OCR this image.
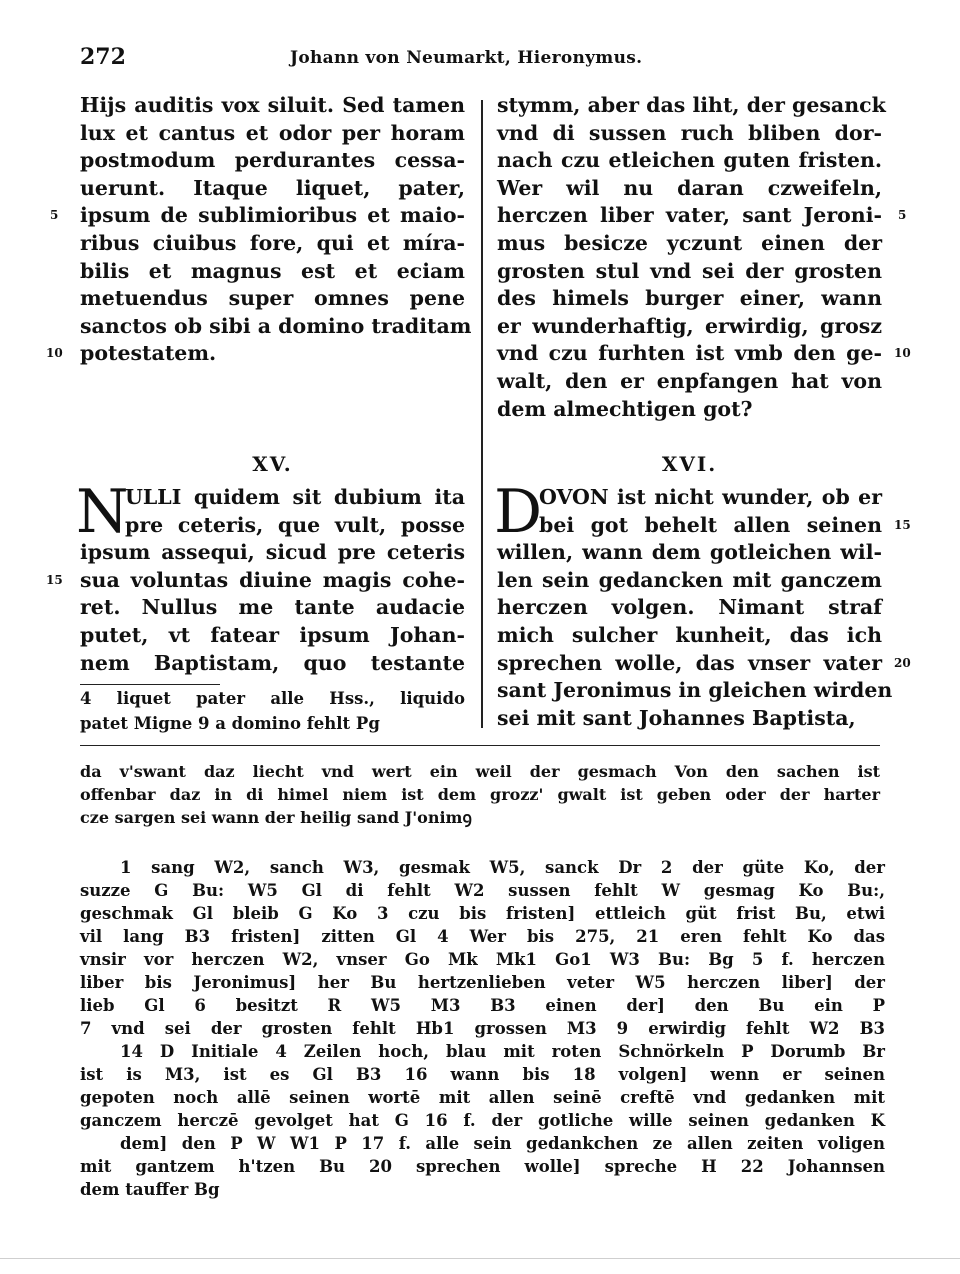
272	Johann von Neumarkt, Hieronymus.
Hijs auditis vox siluit. Sed tamen
lux et cantus et odor per horam
postmodum perdurantes cessa-
uerunt. Itaque liquet, pater,
ipsum de sublimioribus et maio-
ribus ciuibus fore, qui et míra-
bilis et magnus est et eciam
metuendus super omnes pene
sanctos ob sibi a domino traditam
potestatem.
stymm, aber das liht, der gesanck
vnd di sussen ruch bliben dor-
nach czu etleichen guten fristen.
Wer wil nu daran czweifeln,
herczen liber vater, sant Jeroni-
mus besicze yczunt einen der
grosten stul vnd sei der grosten
des himels burger einer, wann
er wunderhaftig, erwirdig, grosz
vnd czu furhten ist vmb den ge-
walt, den er enpfangen hat von
dem almechtigen got?
5
10
15
5
10
15
20
XV.
N
ULLI quidem sit dubium ita
pre ceteris, que vult, posse
ipsum assequi, sicud pre ceteris
sua voluntas diuine magis cohe-
ret. Nullus me tante audacie
putet, vt fatear ipsum Johan-
nem Baptistam, quo testante
XVI.
D
OVON ist nicht wunder, ob er
bei got behelt allen seinen
willen, wann dem gotleichen wil-
len sein gedancken mit ganczem
herczen volgen. Nimant straf
mich sulcher kunheit, das ich
sprechen wolle, das vnser vater
sant Jeronimus in gleichen wirden
sei mit sant Johannes Baptista,
4 liquet pater alle Hss., liquido
patet Migne 9 a domino fehlt Pg
da v'swant daz liecht vnd wert ein weil der gesmach Von den sachen ist
offenbar daz in di himel niem ist dem grozz' gwalt ist geben oder der harter
cze sargen sei wann der heilig sand J'onimꝯ
1 sang W2, sanch W3, gesmak W5, sanck Dr 2 der güte Ko, der
suzze G Bu: W5 Gl di fehlt W2 sussen fehlt W gesmag Ko Bu:,
geschmak Gl bleib G Ko 3 czu bis fristen] ettleich güt frist Bu, etwi
vil lang B3 fristen] zitten Gl 4 Wer bis 275, 21 eren fehlt Ko das
vnsir vor herczen W2, vnser Go Mk Mk1 Go1 W3 Bu: Bg 5 f. herczen
liber bis Jeronimus] her Bu hertzenlieben veter W5 herczen liber] der
lieb Gl 6 besitzt R W5 M3 B3 einen der] den Bu ein P
7 vnd sei der grosten fehlt Hb1 grossen M3 9 erwirdig fehlt W2 B3
14 D Initiale 4 Zeilen hoch, blau mit roten Schnörkeln P Dorumb Br
ist is M3, ist es Gl B3 16 wann bis 18 volgen] wenn er seinen
gepoten noch allē seinen wortē mit allen seinē creftē vnd gedanken mit
ganczem herczē gevolget hat G 16 f. der gotliche wille seinen gedanken K
dem] den P W W1 P 17 f. alle sein gedankchen ze allen zeiten voligen
mit gantzem h'tzen Bu 20 sprechen wolle] spreche H 22 Johannsen
dem tauffer Bg
